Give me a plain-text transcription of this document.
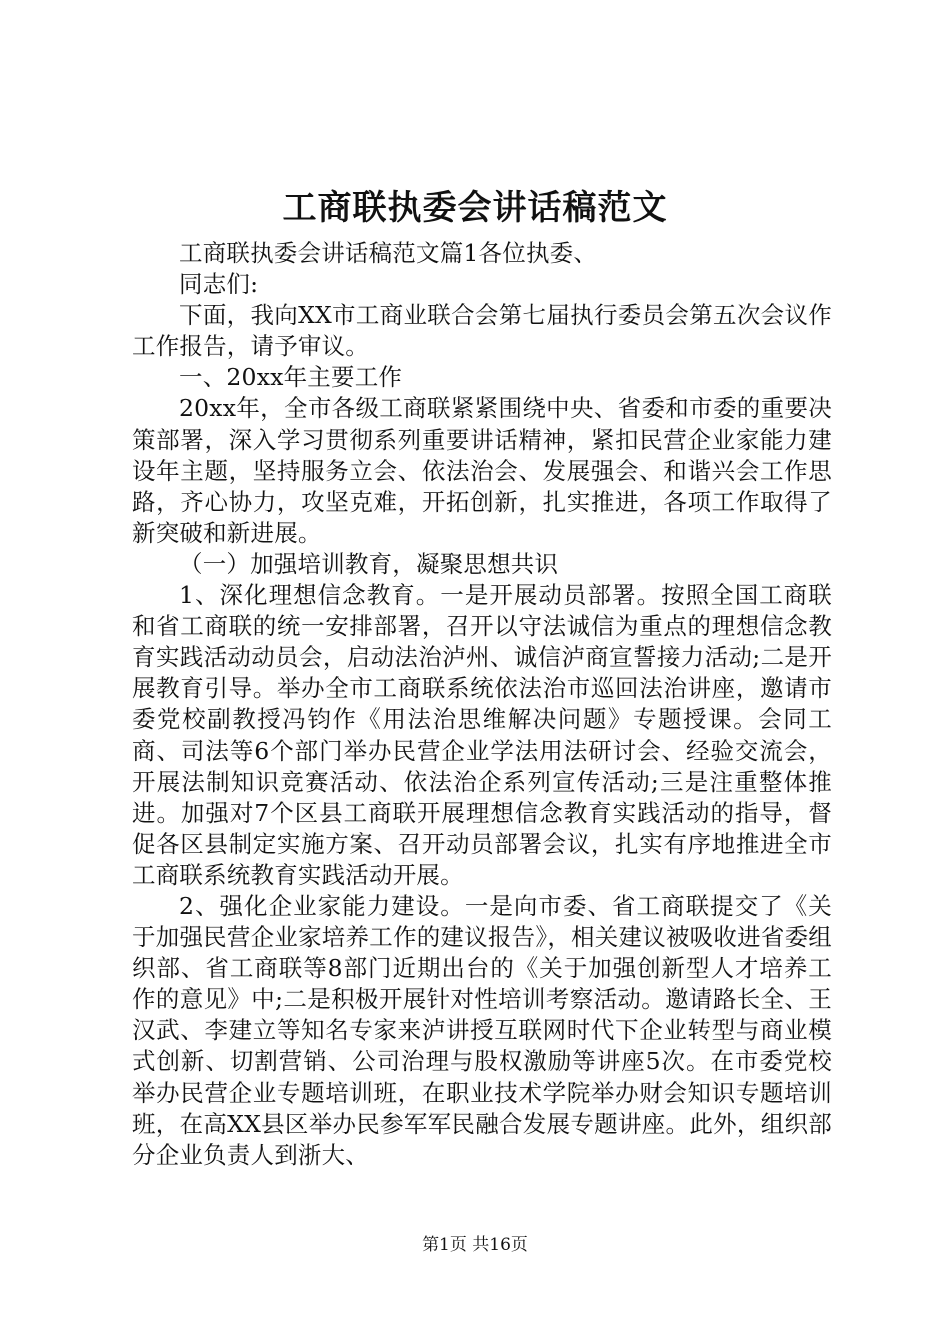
工商联执委会讲话稿范文

工商联执委会讲话稿范文篇1各位执委、

同志们:

下面，我向XX市工商业联合会第七届执行委员会第五次会议作工作报告，请予审议。

一、20xx年主要工作

20xx年，全市各级工商联紧紧围绕中央、省委和市委的重要决策部署，深入学习贯彻系列重要讲话精神，紧扣民营企业家能力建设年主题，坚持服务立会、依法治会、发展强会、和谐兴会工作思路，齐心协力，攻坚克难，开拓创新，扎实推进，各项工作取得了新突破和新进展。

（一）加强培训教育，凝聚思想共识

1、深化理想信念教育。一是开展动员部署。按照全国工商联和省工商联的统一安排部署，召开以守法诚信为重点的理想信念教育实践活动动员会，启动法治泸州、诚信泸商宣誓接力活动;二是开展教育引导。举办全市工商联系统依法治市巡回法治讲座，邀请市委党校副教授冯钧作《用法治思维解决问题》专题授课。会同工商、司法等6个部门举办民营企业学法用法研讨会、经验交流会，开展法制知识竞赛活动、依法治企系列宣传活动;三是注重整体推进。加强对7个区县工商联开展理想信念教育实践活动的指导，督促各区县制定实施方案、召开动员部署会议，扎实有序地推进全市工商联系统教育实践活动开展。

2、强化企业家能力建设。一是向市委、省工商联提交了《关于加强民营企业家培养工作的建议报告》，相关建议被吸收进省委组织部、省工商联等8部门近期出台的《关于加强创新型人才培养工作的意见》中;二是积极开展针对性培训考察活动。邀请路长全、王汉武、李建立等知名专家来泸讲授互联网时代下企业转型与商业模式创新、切割营销、公司治理与股权激励等讲座5次。在市委党校举办民营企业专题培训班，在职业技术学院举办财会知识专题培训班，在高XX县区举办民参军军民融合发展专题讲座。此外，组织部分企业负责人到浙大、

第1页 共16页
